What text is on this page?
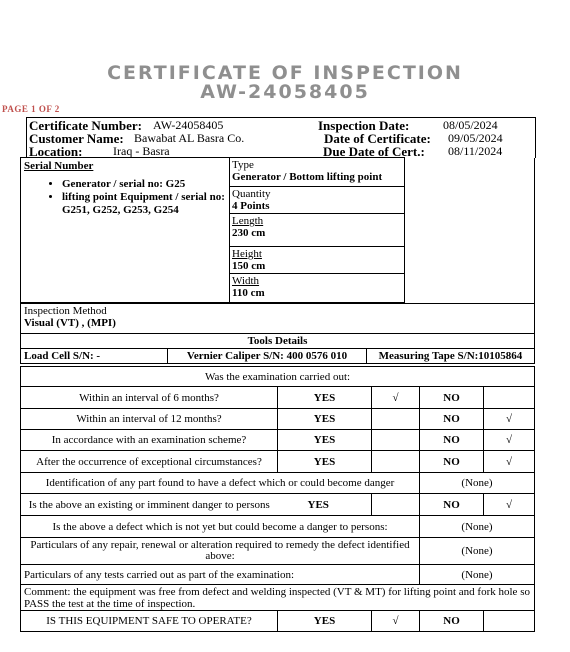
CERTIFICATE OF INSPECTION
AW-24058405
PAGE 1 OF 2
Certificate Number: AW-24058405
Customer Name: Bawabat AL Basra Co.
Location:	Iraq - Basra
Inspection Date:	08/05/2024
Date of Certificate: 09/05/2024
Due Date of Cert.: 08/11/2024
Serial Number
• Generator / serial no: G25
• lifting point Equipment / serial no: G251, G252, G253, G254

Type
Generator / Bottom lifting point

Quantity
4 Points

Length
230 cm

Height
150 cm

Width
110 cm
Inspection Method
Visual (VT) , (MPI)

Tools Details
Load Cell S/N: -	Vernier Caliper S/N: 400 0576 010	Measuring Tape S/N:10105864
Was the examination carried out:				
Within an interval of 6 months?	YES	√	NO	
Within an interval of 12 months?	YES		NO	√
In accordance with an examination scheme?	YES		NO	√
After the occurrence of exceptional circumstances?	YES		NO	√
Identification of any part found to have a defect which or could become danger			(None)	
Is the above an existing or imminent danger to persons	YES		NO	√
Is the above a defect which is not yet but could become a danger to persons:			(None)	
Particulars of any repair, renewal or alteration required to remedy the defect identified above:			(None)	
Particulars of any tests carried out as part of the examination:			(None)	
Comment: the equipment was free from defect and welding inspected (VT & MT) for lifting point and fork hole so PASS the test at the time of inspection.				
IS THIS EQUIPMENT SAFE TO OPERATE?	YES	√	NO	
